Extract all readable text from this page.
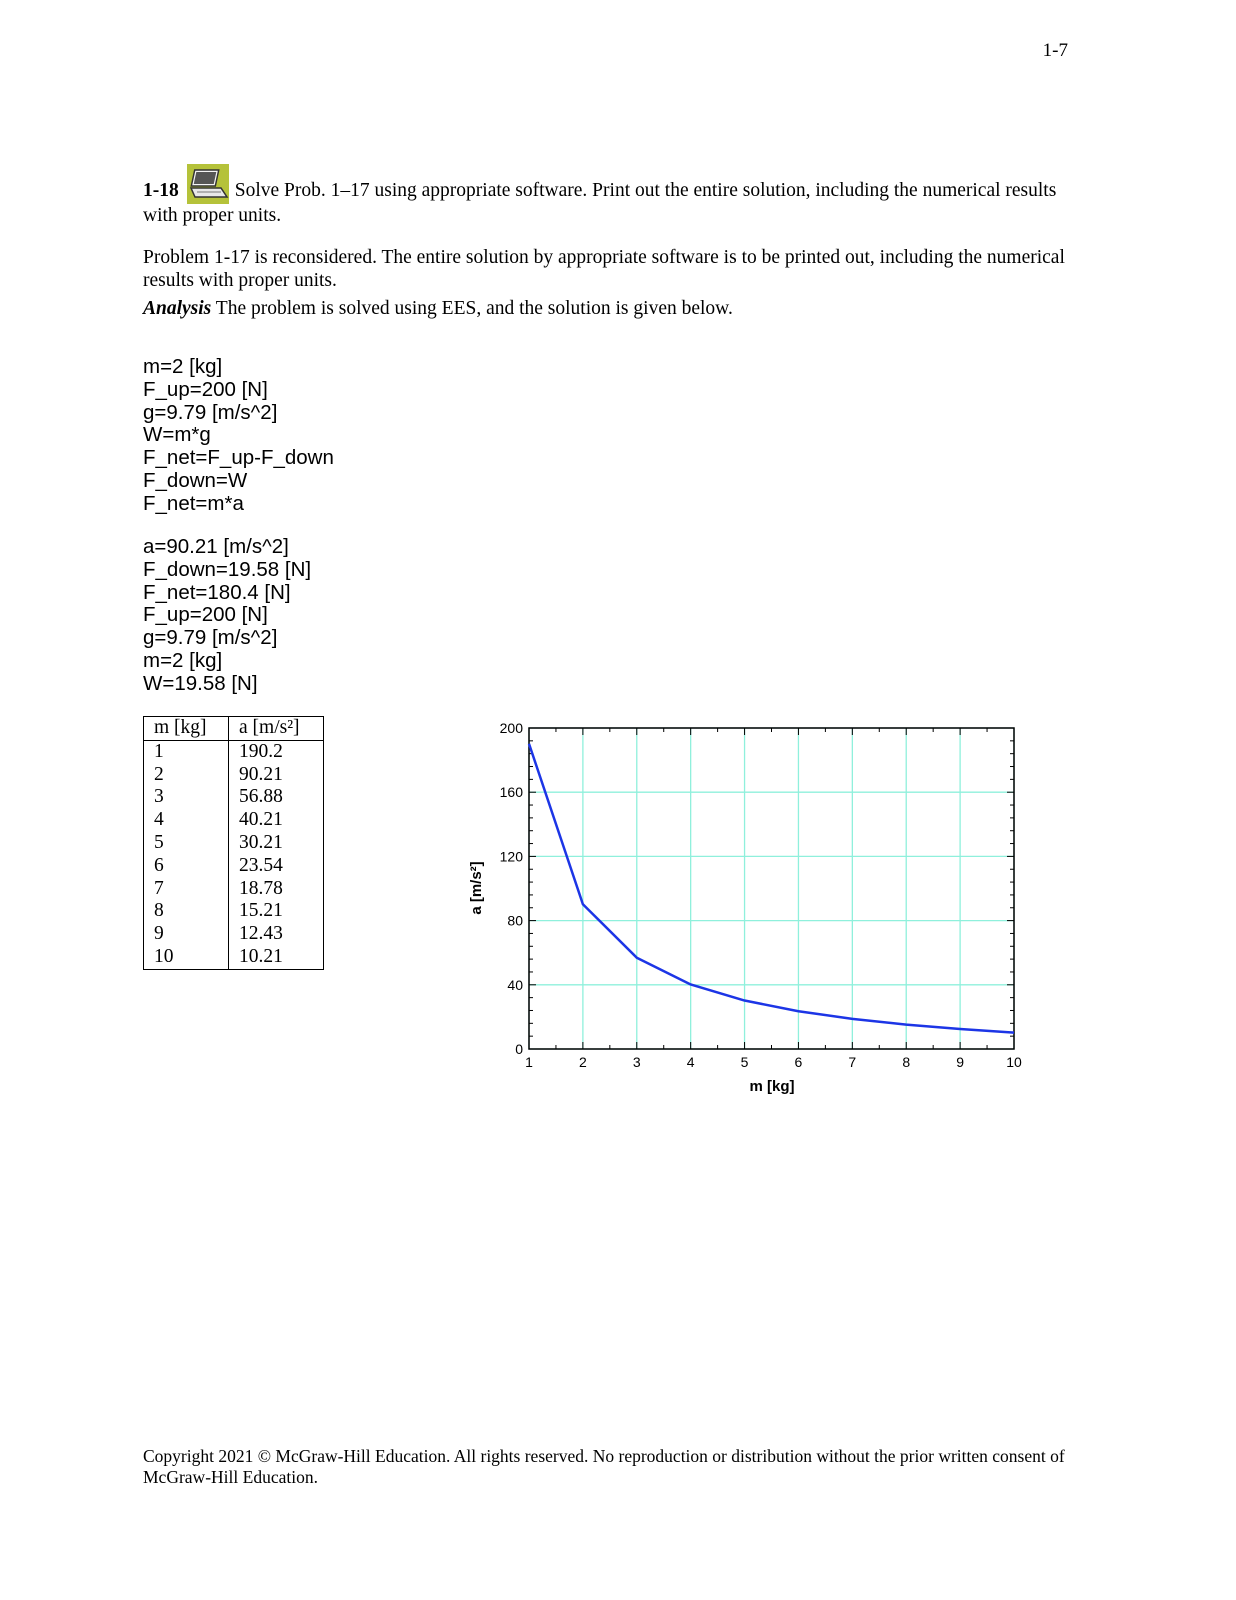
1-7
1-18	Solve Prob. 1–17 using appropriate software. Print out the entire solution, including the numerical results with proper units.
Problem 1-17 is reconsidered. The entire solution by appropriate software is to be printed out, including the numerical results with proper units.
Analysis The problem is solved using EES, and the solution is given below.
m=2 [kg]
F_up=200 [N]
g=9.79 [m/s^2]
W=m*g
F_net=F_up-F_down
F_down=W
F_net=m*a
a=90.21 [m/s^2]
F_down=19.58 [N]
F_net=180.4 [N]
F_up=200 [N]
g=9.79 [m/s^2]
m=2 [kg]
W=19.58 [N]
m [kg]	a [m/s²]
1	190.2
2	90.21
3	56.88
4	40.21
5	30.21
6	23.54
7	18.78
8	15.21
9	12.43
10	10.21
1	2	3	4	5	6	7	8	9	10
0
40
80
120
160
200
m [kg]
a [m/s²]
Copyright 2021 © McGraw-Hill Education. All rights reserved. No reproduction or distribution without the prior written consent of McGraw-Hill Education.
